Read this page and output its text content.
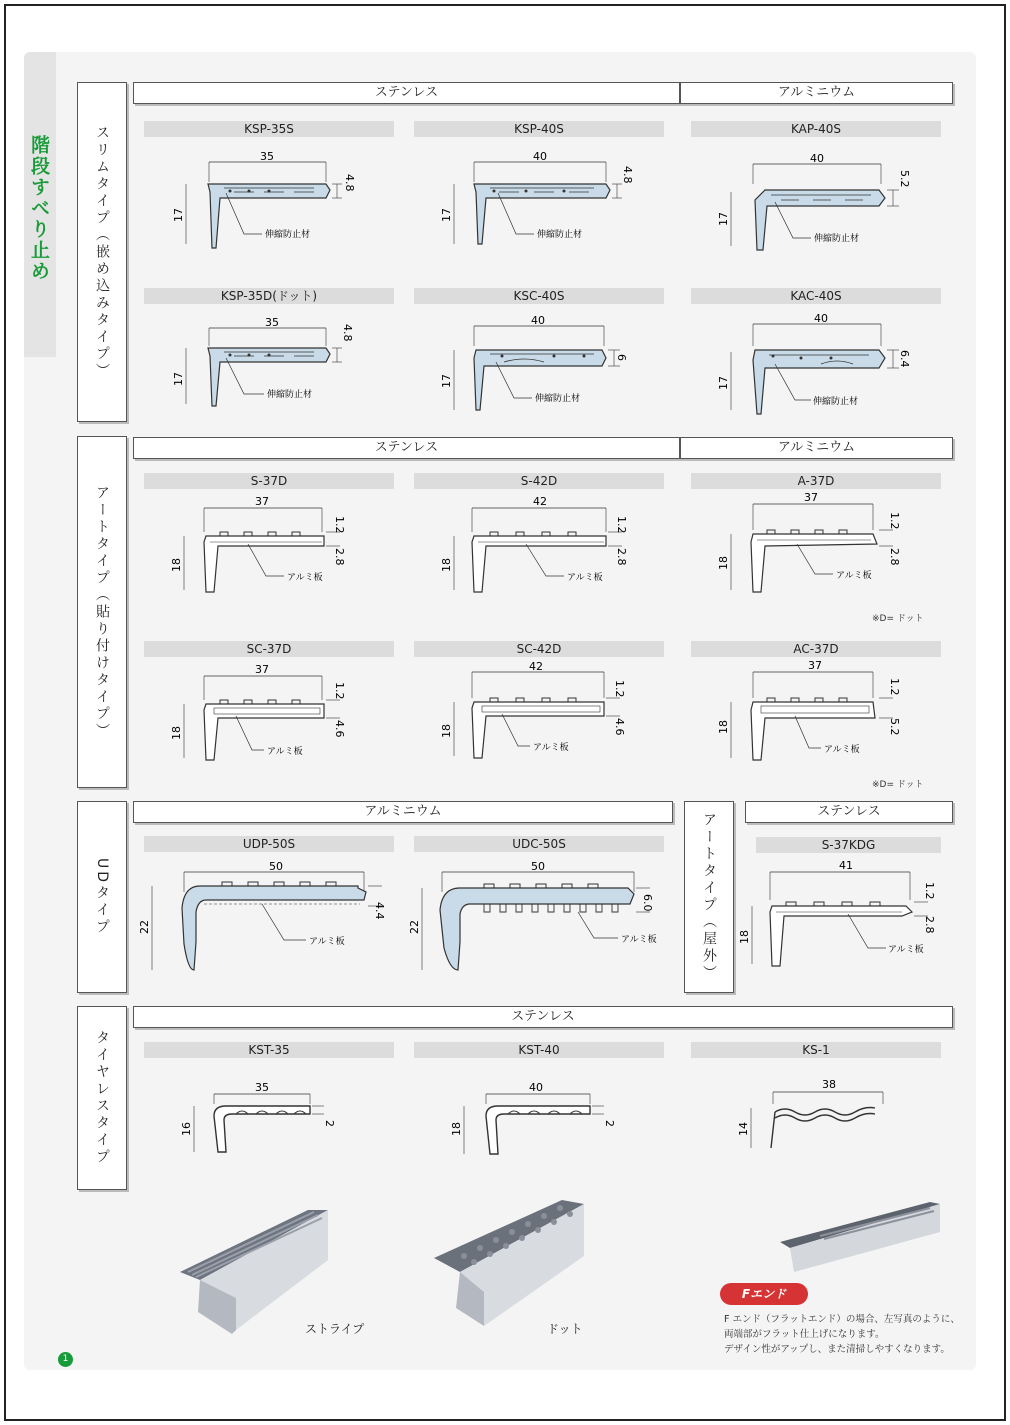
階段すべり止め
1
スリムタイプ（嵌め込みタイプ）
ステンレス	アルミニウム
KSP-35S
35
4.8
17
伸縮防止材
KSP-40S
40
4.8
17
伸縮防止材
KAP-40S
40
5.2
17
伸縮防止材
KSP-35D(ドット)
35
4.8
17
伸縮防止材
KSC-40S
40
6
17
伸縮防止材
KAC-40S
40
6.4
17
伸縮防止材
アートタイプ（貼り付けタイプ）
ステンレス	アルミニウム
S-37D
37
1.2
2.8
18
アルミ板
S-42D
42
1.2
2.8
18
アルミ板
A-37D
37
1.2
2.8
18
アルミ板
※D= ドット
SC-37D
37
1.2
4.6
18
アルミ板
SC-42D
42
1.2
4.6
18
アルミ板
AC-37D
37
1.2
5.2
18
アルミ板
※D= ドット
UDタイプ
アルミニウム
UDP-50S
50
4.4
22
アルミ板
UDC-50S
50
6.0
22
アルミ板	アートタイプ（屋外）
ステンレス
S-37KDG
41
1.2
2.8
18
アルミ板
タイヤレスタイプ
ステンレス
KST-35
35
2
16
KST-40
40
2
18
KS-1
38
14
ストライプ	ドット
Fエンド
F エンド（フラットエンド）の場合、左写真のように、
両端部がフラット仕上げになります。
デザイン性がアップし、また清掃しやすくなります。
